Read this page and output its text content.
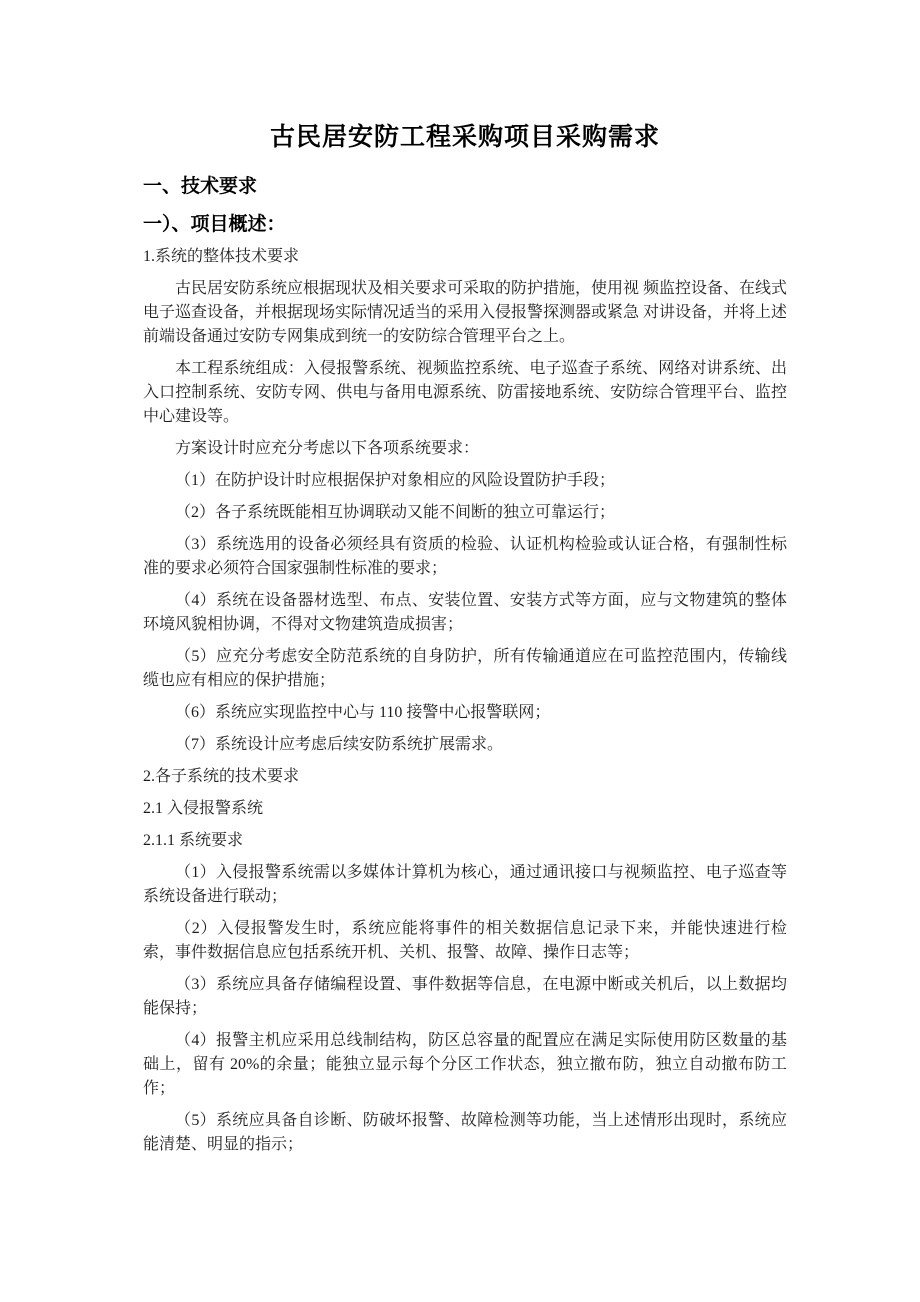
古民居安防工程采购项目采购需求
一、技术要求
一）、项目概述：

1.系统的整体技术要求

古民居安防系统应根据现状及相关要求可采取的防护措施，使用视 频监控设备、在线式电子巡查设备，并根据现场实际情况适当的采用入侵报警探测器或紧急 对讲设备，并将上述前端设备通过安防专网集成到统一的安防综合管理平台之上。

本工程系统组成：入侵报警系统、视频监控系统、电子巡查子系统、网络对讲系统、出入口控制系统、安防专网、供电与备用电源系统、防雷接地系统、安防综合管理平台、监控中心建设等。

方案设计时应充分考虑以下各项系统要求：

（1）在防护设计时应根据保护对象相应的风险设置防护手段；

（2）各子系统既能相互协调联动又能不间断的独立可靠运行；

（3）系统选用的设备必须经具有资质的检验、认证机构检验或认证合格，有强制性标准的要求必须符合国家强制性标准的要求；

（4）系统在设备器材选型、布点、安装位置、安装方式等方面，应与文物建筑的整体环境风貌相协调，不得对文物建筑造成损害；

（5）应充分考虑安全防范系统的自身防护，所有传输通道应在可监控范围内，传输线缆也应有相应的保护措施；

（6）系统应实现监控中心与 110 接警中心报警联网；

（7）系统设计应考虑后续安防系统扩展需求。

2.各子系统的技术要求

2.1 入侵报警系统

2.1.1 系统要求

（1）入侵报警系统需以多媒体计算机为核心，通过通讯接口与视频监控、电子巡查等系统设备进行联动；

（2）入侵报警发生时，系统应能将事件的相关数据信息记录下来，并能快速进行检索，事件数据信息应包括系统开机、关机、报警、故障、操作日志等；

（3）系统应具备存储编程设置、事件数据等信息，在电源中断或关机后，以上数据均能保持；

（4）报警主机应采用总线制结构，防区总容量的配置应在满足实际使用防区数量的基础上，留有 20%的余量；能独立显示每个分区工作状态，独立撤布防，独立自动撤布防工作；

（5）系统应具备自诊断、防破坏报警、故障检测等功能，当上述情形出现时，系统应能清楚、明显的指示；
